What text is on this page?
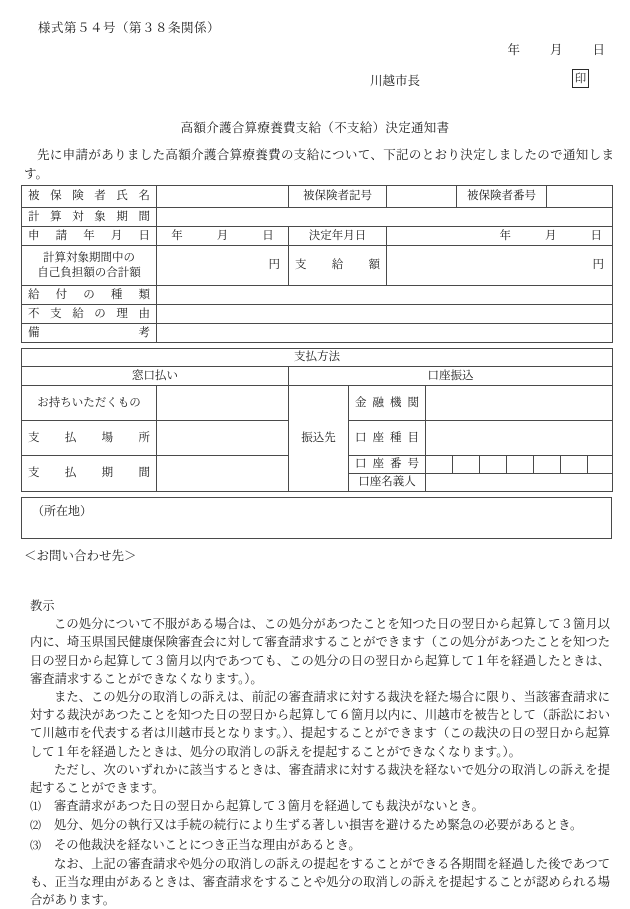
様式第５４号（第３８条関係）
年 月 日
川越市長	印
高額介護合算療養費支給（不支給）決定通知書
先に申請がありました高額介護合算療養費の支給について、下記のとおり決定しましたので通知します。
被保険者氏名		被保険者記号		被保険者番号	
計算対象期間					
申請年月日	年 月 日	決定年月日	年 月 日		

計算対象期間中の
自己負担額の合計額	円	支給額	円		
給付の種類					
不支給の理由					
備考					
支払方法										
窓口払い		口座振込								
お持ちいただくもの		振込先	金融機関							
支払場所			口座種目							
支払期間			口座番号							
			口座名義人							
（所在地）
＜お問い合わせ先＞
教示

この処分について不服がある場合は、この処分があつたことを知つた日の翌日から起算して３箇月以内に、埼玉県国民健康保険審査会に対して審査請求することができます（この処分があつたことを知つた日の翌日から起算して３箇月以内であつても、この処分の日の翌日から起算して１年を経過したときは、審査請求することができなくなります。）。

また、この処分の取消しの訴えは、前記の審査請求に対する裁決を経た場合に限り、当該審査請求に対する裁決があつたことを知つた日の翌日から起算して６箇月以内に、川越市を被告として（訴訟において川越市を代表する者は川越市長となります。）、提起することができます（この裁決の日の翌日から起算して１年を経過したときは、処分の取消しの訴えを提起することができなくなります。）。

ただし、次のいずれかに該当するときは、審査請求に対する裁決を経ないで処分の取消しの訴えを提起することができます。

⑴ 審査請求があつた日の翌日から起算して３箇月を経過しても裁決がないとき。

⑵ 処分、処分の執行又は手続の続行により生ずる著しい損害を避けるため緊急の必要があるとき。

⑶ その他裁決を経ないことにつき正当な理由があるとき。

なお、上記の審査請求や処分の取消しの訴えの提起をすることができる各期間を経過した後であつても、正当な理由があるときは、審査請求をすることや処分の取消しの訴えを提起することが認められる場合があります。
